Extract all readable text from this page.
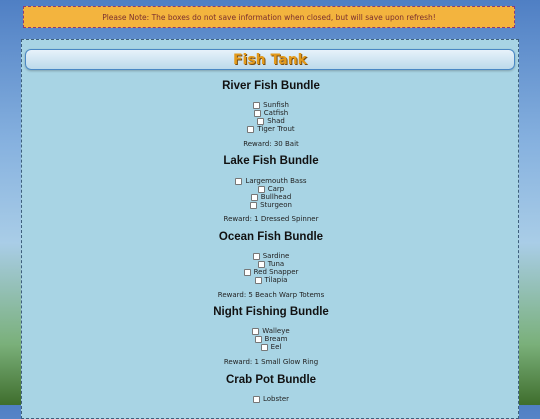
Please Note: The boxes do not save information when closed, but will save upon refresh!
Fish Tank
River Fish Bundle
Sunfish
Catfish
Shad
Tiger Trout
Reward: 30 Bait
Lake Fish Bundle
Largemouth Bass
Carp
Bullhead
Sturgeon
Reward: 1 Dressed Spinner
Ocean Fish Bundle
Sardine
Tuna
Red Snapper
Tilapia
Reward: 5 Beach Warp Totems
Night Fishing Bundle
Walleye
Bream
Eel
Reward: 1 Small Glow Ring
Crab Pot Bundle
Lobster
